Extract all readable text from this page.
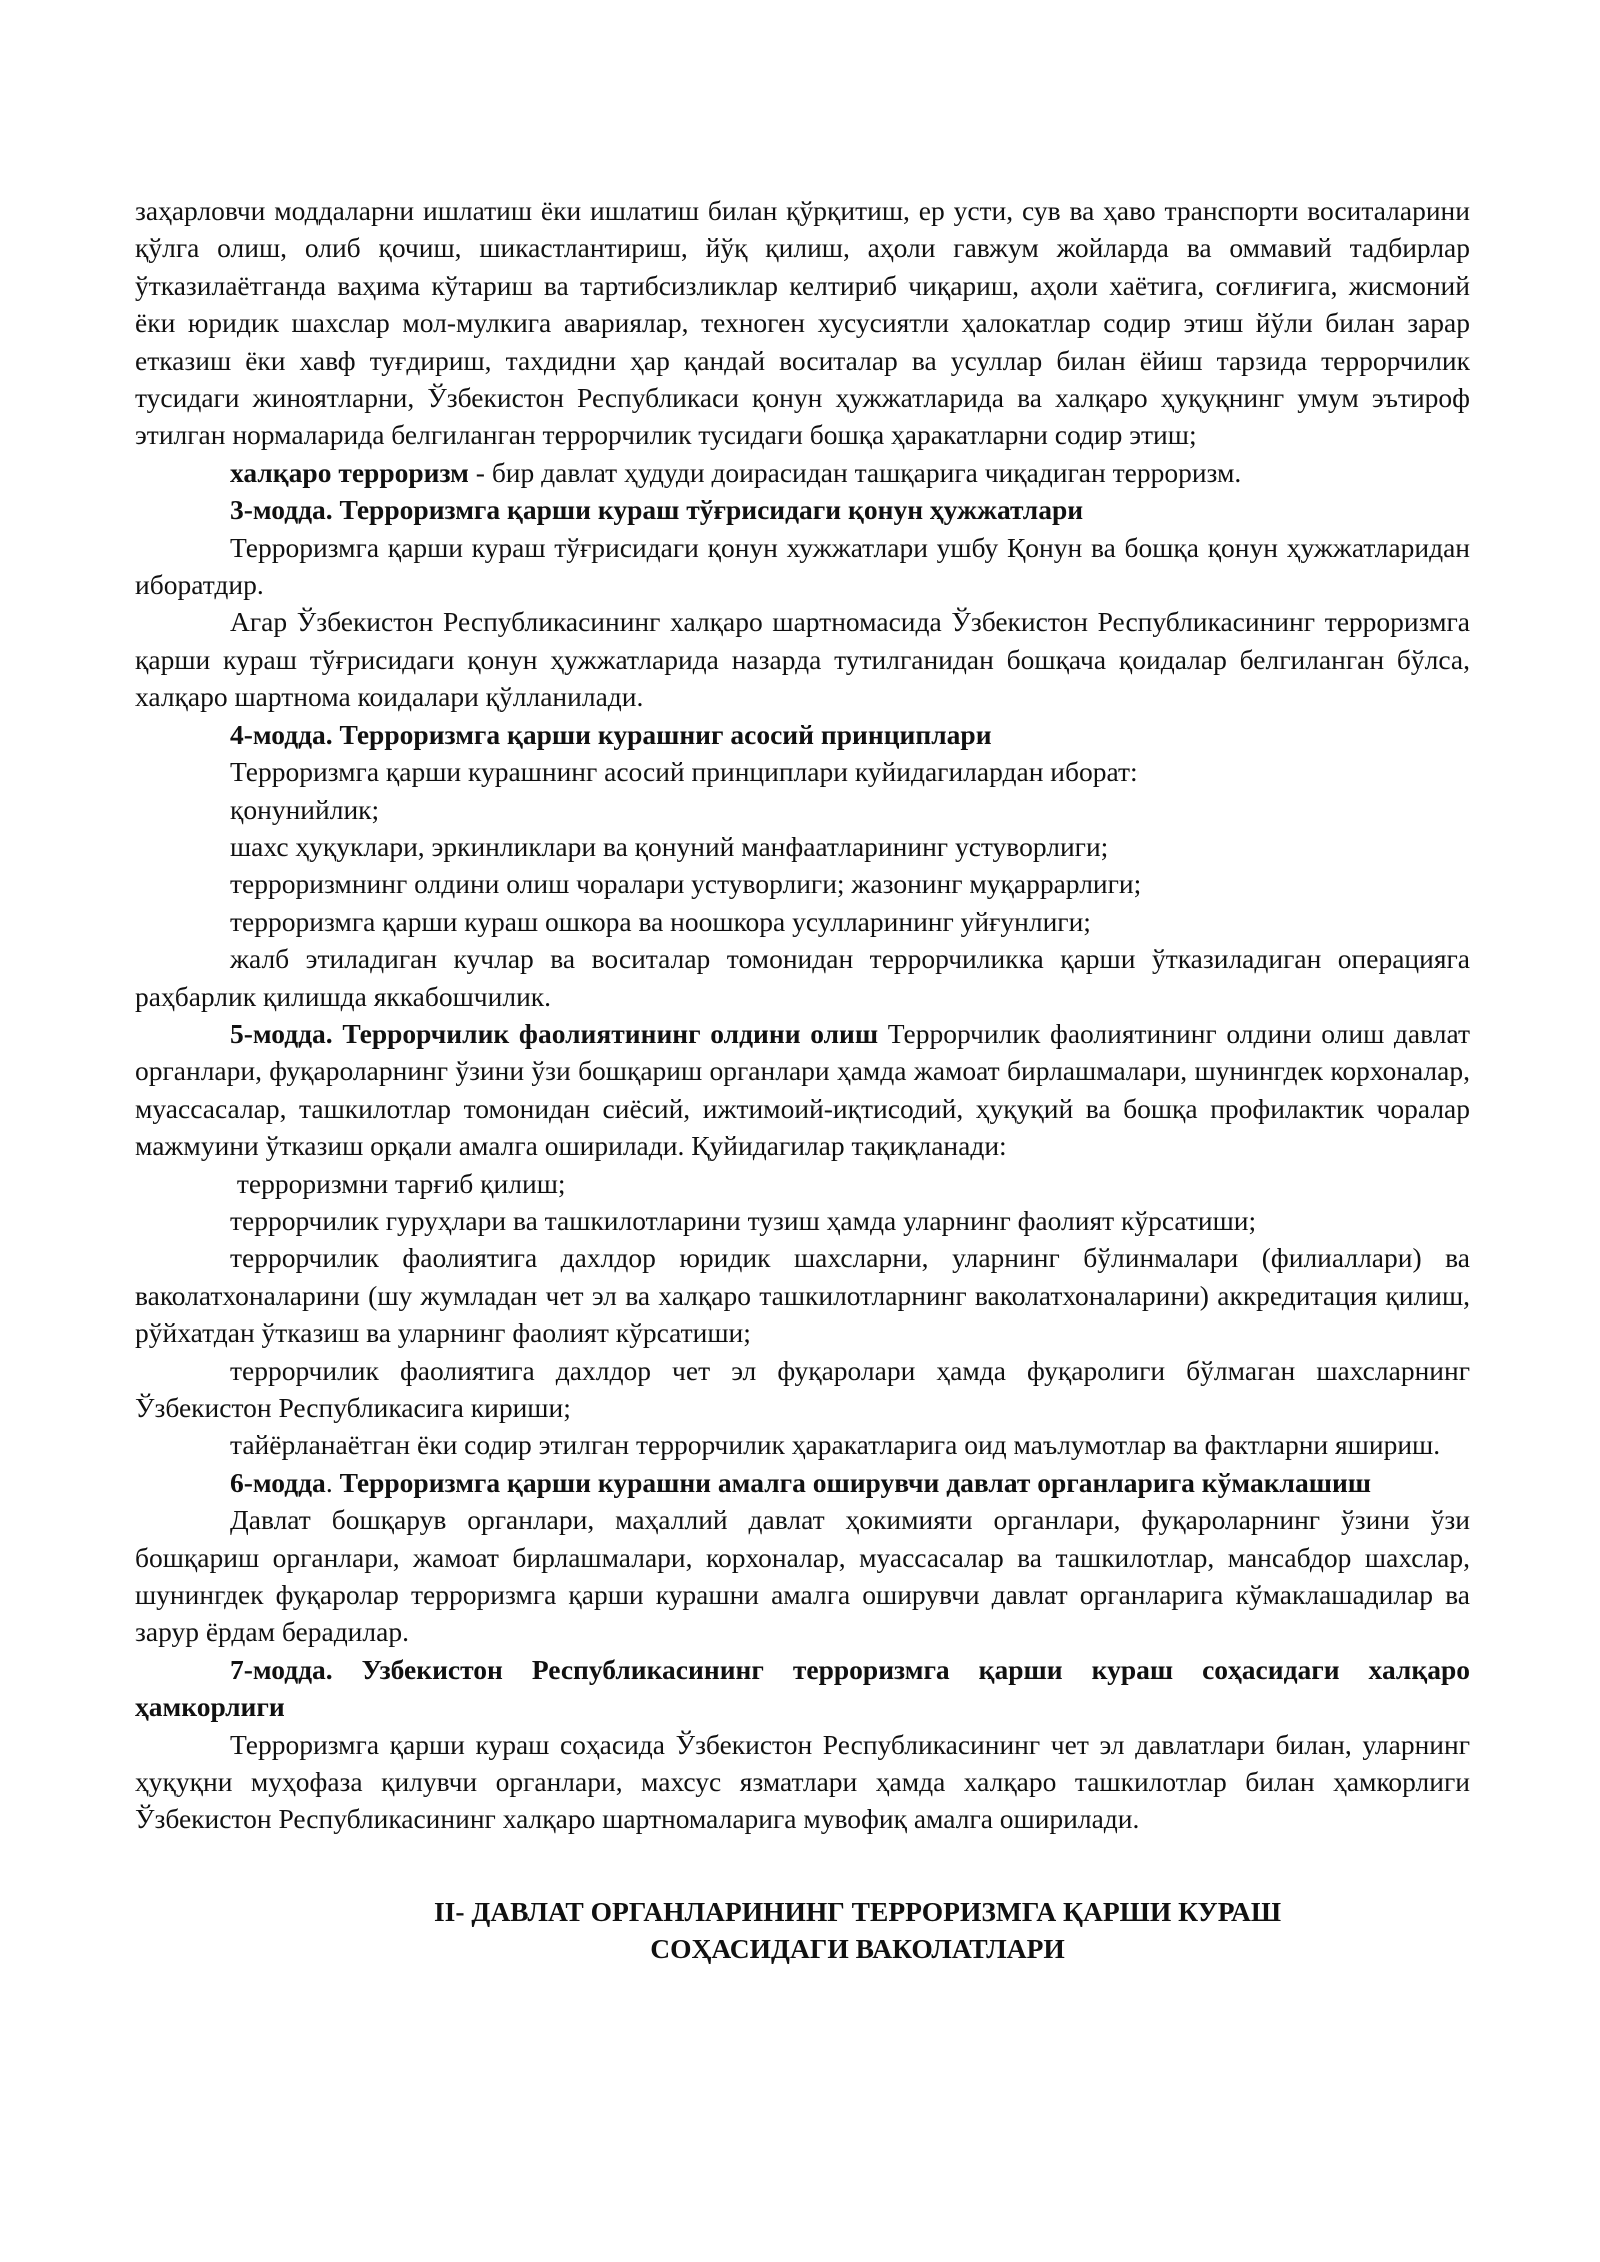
заҳарловчи моддаларни ишлатиш ёки ишлатиш билан қўрқитиш, ер усти, сув ва ҳаво транспорти воситаларини қўлга олиш, олиб қочиш, шикастлантириш, йўқ қилиш, аҳоли гавжум жойларда ва оммавий тадбирлар ўтказилаётганда ваҳима кўтариш ва тартибсизликлар келтириб чиқариш, аҳоли хаётига, соғлиғига, жисмоний ёки юридик шахслар мол-мулкига авариялар, техноген хусусиятли ҳалокатлар содир этиш йўли билан зарар етказиш ёки хавф туғдириш, тахдидни ҳар қандай воситалар ва усуллар билан ёйиш тарзида террорчилик тусидаги жиноятларни, Ўзбекистон Республикаси қонун ҳужжатларида ва халқаро ҳуқуқнинг умум эътироф этилган нормаларида белгиланган террорчилик тусидаги бошқа ҳаракатларни содир этиш;

халқаро терроризм - бир давлат ҳудуди доирасидан ташқарига чиқадиган терроризм.

3-модда. Терроризмга қарши кураш тўғрисидаги қонун ҳужжатлари

Терроризмга қарши кураш тўғрисидаги қонун хужжатлари ушбу Қонун ва бошқа қонун ҳужжатларидан иборатдир.

Агар Ўзбекистон Республикасининг халқаро шартномасида Ўзбекистон Республикасининг терроризмга қарши кураш тўғрисидаги қонун ҳужжатларида назарда тутилганидан бошқача қоидалар белгиланган бўлса, халқаро шартнома коидалари қўлланилади.

4-модда. Терроризмга қарши курашниг асосий принциплари

Терроризмга қарши курашнинг асосий принциплари куйидагилардан иборат:

қонунийлик;

шахс ҳуқуклари, эркинликлари ва қонуний манфаатларининг устуворлиги;

терроризмнинг олдини олиш чоралари устуворлиги; жазонинг муқаррарлиги;

терроризмга қарши кураш ошкора ва ноошкора усулларининг уйғунлиги;

жалб этиладиган кучлар ва воситалар томонидан террорчиликка қарши ўтказиладиган операцияга раҳбарлик қилишда яккабошчилик.

5-модда. Террорчилик фаолиятининг олдини олиш Террорчилик фаолиятининг олдини олиш давлат органлари, фуқароларнинг ўзини ўзи бошқариш органлари ҳамда жамоат бирлашмалари, шунингдек корхоналар, муассасалар, ташкилотлар томонидан сиёсий, ижтимоий-иқтисодий, ҳуқуқий ва бошқа профилактик чоралар мажмуини ўтказиш орқали амалга оширилади. Қуйидагилар тақиқланади:

терроризмни тарғиб қилиш;

террорчилик гуруҳлари ва ташкилотларини тузиш ҳамда уларнинг фаолият кўрсатиши;

террорчилик фаолиятига дахлдор юридик шахсларни, уларнинг бўлинмалари (филиаллари) ва ваколатхоналарини (шу жумладан чет эл ва халқаро ташкилотларнинг ваколатхоналарини) аккредитация қилиш, рўйхатдан ўтказиш ва уларнинг фаолият кўрсатиши;

террорчилик фаолиятига дахлдор чет эл фуқаролари ҳамда фуқаролиги бўлмаган шахсларнинг Ўзбекистон Республикасига кириши;

тайёрланаётган ёки содир этилган террорчилик ҳаракатларига оид маълумотлар ва фактларни яшириш.

6-модда. Терроризмга қарши курашни амалга оширувчи давлат органларига кўмаклашиш

Давлат бошқарув органлари, маҳаллий давлат ҳокимияти органлари, фуқароларнинг ўзини ўзи бошқариш органлари, жамоат бирлашмалари, корхоналар, муассасалар ва ташкилотлар, мансабдор шахслар, шунингдек фуқаролар терроризмга қарши курашни амалга оширувчи давлат органларига кўмаклашадилар ва зарур ёрдам берадилар.

7-модда. Узбекистон Республикасининг терроризмга қарши кураш соҳасидаги халқаро ҳамкорлиги

Терроризмга қарши кураш соҳасида Ўзбекистон Республикасининг чет эл давлатлари билан, уларнинг ҳуқуқни муҳофаза қилувчи органлари, махсус язматлари ҳамда халқаро ташкилотлар билан ҳамкорлиги Ўзбекистон Республикасининг халқаро шартномаларига мувофиқ амалга оширилади.

II- ДАВЛАТ ОРГАНЛАРИНИНГ ТЕРРОРИЗМГА ҚАРШИ КУРАШ

СОҲАСИДАГИ ВАКОЛАТЛАРИ
